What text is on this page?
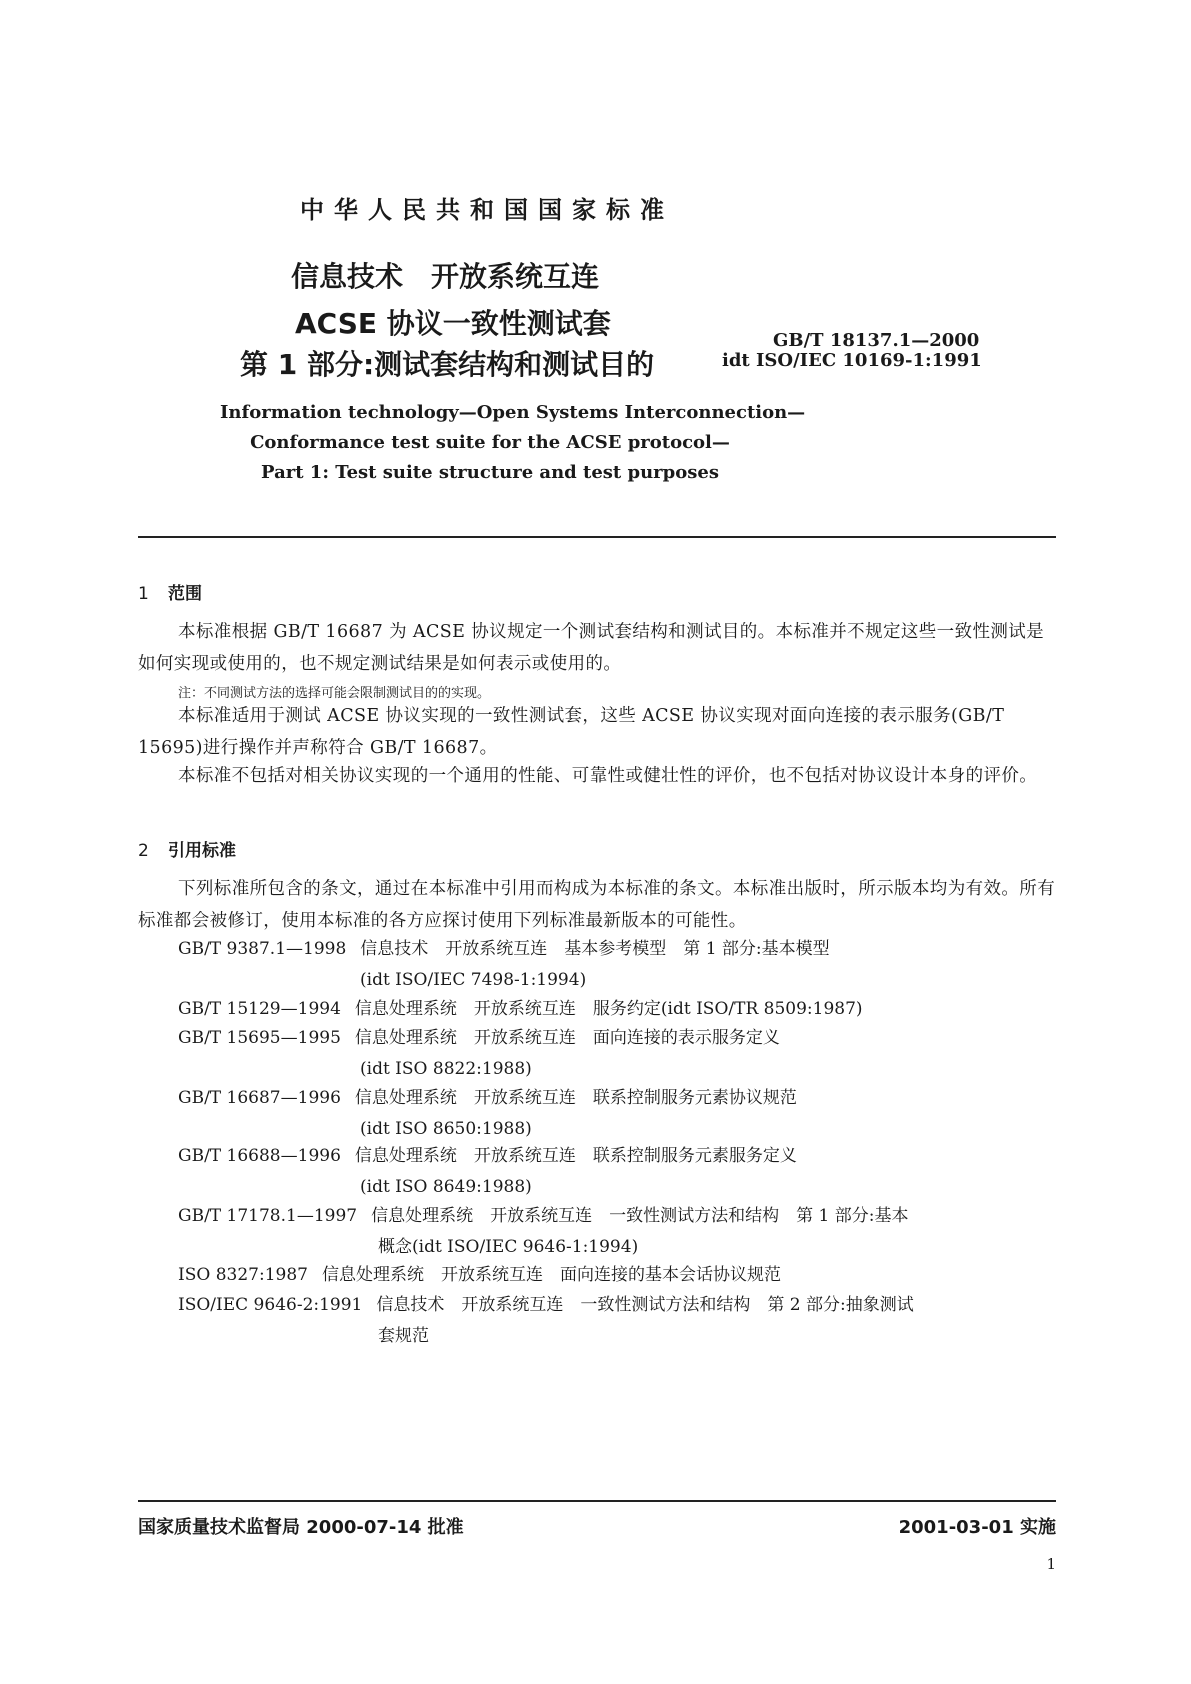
中华人民共和国国家标准
信息技术　开放系统互连
ACSE 协议一致性测试套
第 1 部分:测试套结构和测试目的
GB/T 18137.1—2000
idt ISO/IEC 10169-1:1991
Information technology—Open Systems Interconnection—
Conformance test suite for the ACSE protocol—
Part 1: Test suite structure and test purposes
1 范围

本标准根据 GB/T 16687 为 ACSE 协议规定一个测试套结构和测试目的。本标准并不规定这些一致性测试是如何实现或使用的，也不规定测试结果是如何表示或使用的。

注：不同测试方法的选择可能会限制测试目的的实现。

本标准适用于测试 ACSE 协议实现的一致性测试套，这些 ACSE 协议实现对面向连接的表示服务(GB/T 15695)进行操作并声称符合 GB/T 16687。

本标准不包括对相关协议实现的一个通用的性能、可靠性或健壮性的评价，也不包括对协议设计本身的评价。

2 引用标准

下列标准所包含的条文，通过在本标准中引用而构成为本标准的条文。本标准出版时，所示版本均为有效。所有标准都会被修订，使用本标准的各方应探讨使用下列标准最新版本的可能性。

GB/T 9387.1—1998 信息技术　开放系统互连　基本参考模型　第 1 部分:基本模型
(idt ISO/IEC 7498-1:1994)
GB/T 15129—1994 信息处理系统　开放系统互连　服务约定(idt ISO/TR 8509:1987)
GB/T 15695—1995 信息处理系统　开放系统互连　面向连接的表示服务定义
(idt ISO 8822:1988)
GB/T 16687—1996 信息处理系统　开放系统互连　联系控制服务元素协议规范
(idt ISO 8650:1988)
GB/T 16688—1996 信息处理系统　开放系统互连　联系控制服务元素服务定义
(idt ISO 8649:1988)
GB/T 17178.1—1997 信息处理系统　开放系统互连　一致性测试方法和结构　第 1 部分:基本
概念(idt ISO/IEC 9646-1:1994)
ISO 8327:1987 信息处理系统　开放系统互连　面向连接的基本会话协议规范
ISO/IEC 9646-2:1991 信息技术　开放系统互连　一致性测试方法和结构　第 2 部分:抽象测试
套规范
国家质量技术监督局 2000-07-14 批准	2001-03-01 实施
1
